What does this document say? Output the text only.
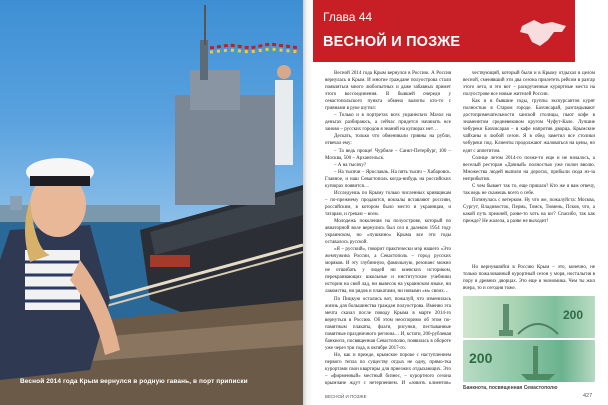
Весной 2014 года Крым вернулся в родную гавань, в порт приписки
Глава 44
ВЕСНОЙ И ПОЗЖЕ

Весной 2014 года Крым вернулся в Россию. А Россия вернулась в Крым. И многие граждане полуострова стали появляться много любопытных и даже забавных примет этого воссоединения. В бывшей очереди у севастопольского пункта обмена валюты кто-то с гривнами в руке шутил:

– Только и в портретах всех украинских Мазол на деньгах разбираюсь, а сейчас придется начинать все заново – русских городов я знаний на купюрах нет…

Дескать, только что обменивали гривны на рубли, отвечал ему:

– Та ведь проще! Чурбиле – Санкт-Петербург, 100 – Москва, 500 – Архангельск.

– А на тысячу?

– На тысячи – Ярославль. На пять тысяч – Хабаровск. Главное, и наш Севастополь когда-нибудь на российских купюрах появится…

Исследуешь по Крыму только численных кривщикам – по-прежнему продаются, вокзалы вставляют россиян, российским, в котором было место и украинцам, и татарам, и грекам – всем.

Молодежь поколения на полуострове, который по авиаторной воле вернулись был сел в далеком 1954 году украинском, но «пушкино» Крыма все эти годы оставалось русской.

«Я – русский», говорит практически мэр нашего «Это жемчужина России, а Севастополь – город русских моряков. И эту глубинную, фамильную, резонанс можно не отшибать у людей ни киевских историком, перекраивающих школьные и институтские учебники истории на свой лад, ни вывесок на украинском языке, ни лакомства, ни рядов и плакатами, ни новыми «м» своих…

По Пицкую остались вот, пожалуй, что изменилась жизнь для большинства граждан полуострова. Именно эта мечта сказал после поводу Крыма в марте 2014-го вернуться в Россию. Об этом неоспоримо об этом по-памятным плакаты, флаги, рисунки, пестыванные памятные праздничного региона… И, кстати, 200-рублевая банкнота, посвященная Севастополю, появилась в обороте уже через три года, в октябре 2017-го.

Но, как и прежде, крымское пороке с наступлением первого тепла по существу отдых не одну, прямо-тка курортами свои квартиры для приезжих отдыхающих. Это – «фирменный» местный бизнес, – курортного сезона крымчане ждут с нетерпением. И «ловить клиентов»

чествующий, который были и в Крыму отдыхал в целом весной, сменявший эти два сезона прилететь рейсом в разгар этого лета, и это вот – раскрученные курортные места на полуострове все новые жителей России.

Как и в бывшие годы, группы экскурсантов курят полностью в Старом городе. Бахчисарай, разглядывают достопримечательности ханской столицы, пьют кофе в знаменитом средневековом кругом Чуфут-Кале. Лучшие чебуреки Бахчисарая – в кафе напротив дворца. Крымские чайханы в любой сезон. Я в обед заметил все столики чебуреки под. Клиенты продолжают жаловаться на цены, но едят с аппетитом.

Солнце летом 2014-го позже-то еще и не началось, а веселый ресторан «Дачный» полностью уже полон вволю. Множества людей выпили на дорогах, прибыли сюда из-за неприбытия.

С чем бывает так то, еще пришли? Кто же я вам отвечу, так ведь не скажешь всего о себе.

Потянулась с ветерком. Ну что же, пожалуйста: Москва, Сургут, Владивосток, Пермь, Томск, Тюмень, Псков, что, а какой путь прежней, разве-то хоть на юг? Спасибо, так как прежде? Не жалела, а разве не выходит!

Но вернувшийся в Россию Крым – это, конечно, не только пожалованный курортный сезон у моря, ностальгия в пору в древних дворцах. Это еще и экономика. Чем ты жил вчера, то и сегодня тоже.

200
200
Банкнота, посвященная Севастополю
ВЕСНОЙ И ПОЗЖЕ	427
